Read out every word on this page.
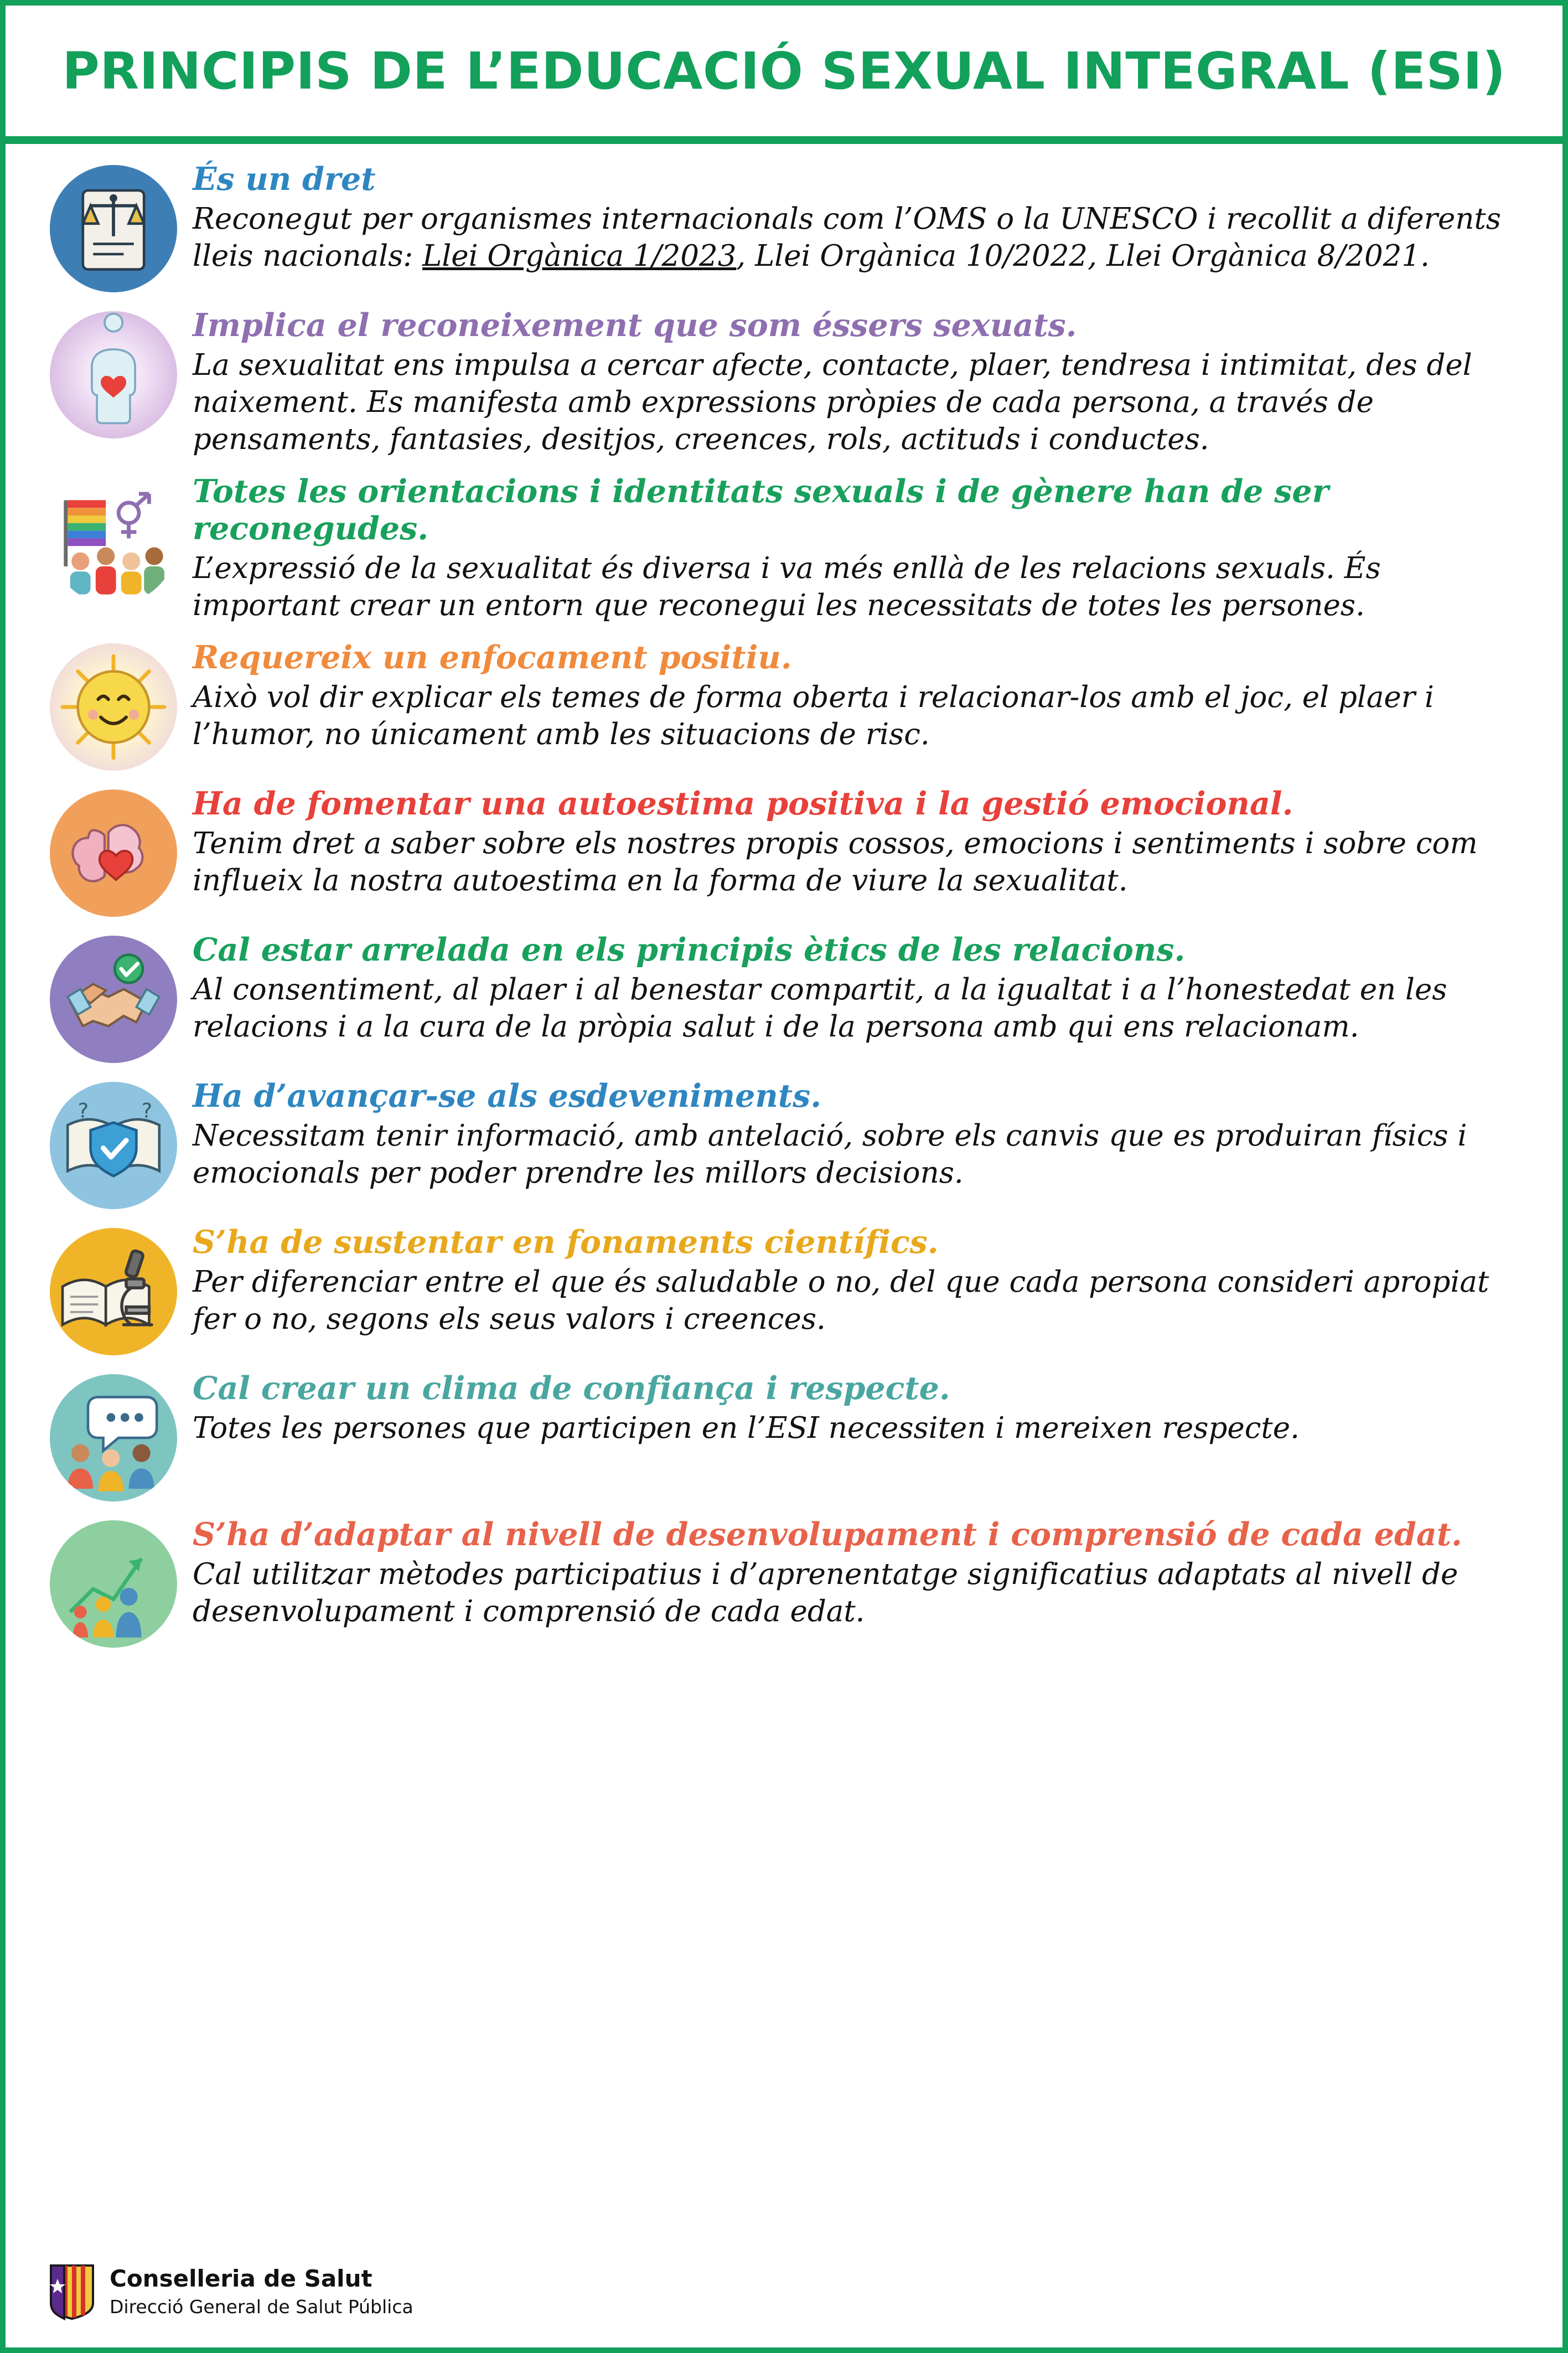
PRINCIPIS DE L’EDUCACIÓ SEXUAL INTEGRAL (ESI)

És un dret

Reconegut per organismes internacionals com l’OMS o la UNESCO i recollit a diferents lleis nacionals: Llei Orgànica 1/2023, Llei Orgànica 10/2022, Llei Orgànica 8/2021.

Implica el reconeixement que som éssers sexuats.

La sexualitat ens impulsa a cercar afecte, contacte, plaer, tendresa i intimitat, des del naixement. Es manifesta amb expressions pròpies de cada persona, a través de pensaments, fantasies, desitjos, creences, rols, actituds i conductes.

Totes les orientacions i identitats sexuals i de gènere han de ser reconegudes.

L’expressió de la sexualitat és diversa i va més enllà de les relacions sexuals. És important crear un entorn que reconegui les necessitats de totes les persones.

Requereix un enfocament positiu.

Això vol dir explicar els temes de forma oberta i relacionar-los amb el joc, el plaer i l’humor, no únicament amb les situacions de risc.

Ha de fomentar una autoestima positiva i la gestió emocional.

Tenim dret a saber sobre els nostres propis cossos, emocions i sentiments i sobre com influeix la nostra autoestima en la forma de viure la sexualitat.

Cal estar arrelada en els principis ètics de les relacions.

Al consentiment, al plaer i al benestar compartit, a la igualtat i a l’honestedat en les relacions i a la cura de la pròpia salut i de la persona amb qui ens relacionam.

?	? Ha d’avançar-se als esdeveniments.

Necessitam tenir informació, amb antelació, sobre els canvis que es produiran físics i emocionals per poder prendre les millors decisions.

S’ha de sustentar en fonaments científics.

Per diferenciar entre el que és saludable o no, del que cada persona consideri apropiat fer o no, segons els seus valors i creences.

Cal crear un clima de confiança i respecte.

Totes les persones que participen en l’ESI necessiten i mereixen respecte.

S’ha d’adaptar al nivell de desenvolupament i comprensió de cada edat.

Cal utilitzar mètodes participatius i d’aprenentatge significatius adaptats al nivell de desenvolupament i comprensió de cada edat.

Conselleria de Salut
Direcció General de Salut Pública
